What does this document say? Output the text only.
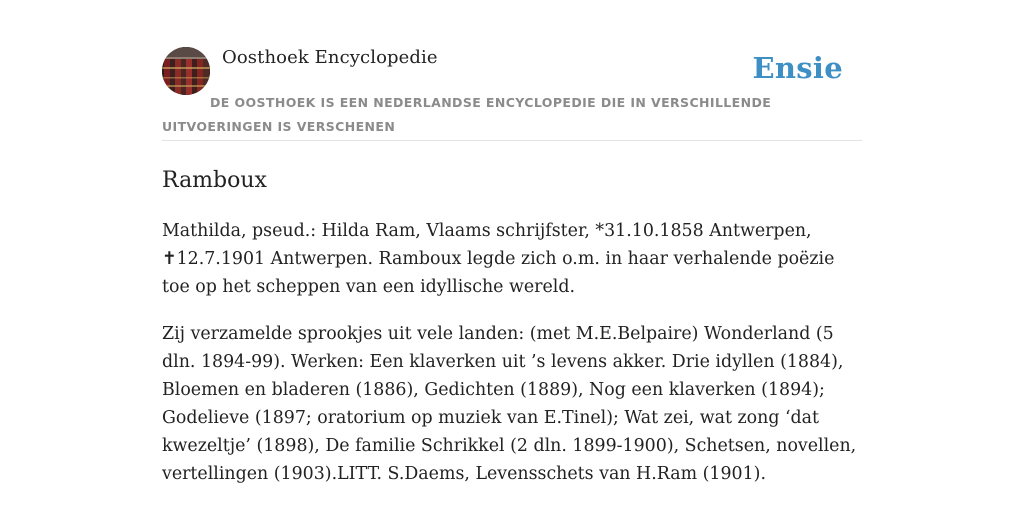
Oosthoek Encyclopedie	Ensie
DE OOSTHOEK IS EEN NEDERLANDSE ENCYCLOPEDIE DIE IN VERSCHILLENDE UITVOERINGEN IS VERSCHENEN
Ramboux

Mathilda, pseud.: Hilda Ram, Vlaams schrijfster, *31.10.1858 Antwerpen, ✝12.7.1901 Antwerpen. Ramboux legde zich o.m. in haar verhalende poëzie toe op het scheppen van een idyllische wereld.

Zij verzamelde sprookjes uit vele landen: (met M.E.Belpaire) Wonderland (5 dln. 1894-99). Werken: Een klaverken uit ’s levens akker. Drie idyllen (1884), Bloemen en bladeren (1886), Gedichten (1889), Nog een klaverken (1894); Godelieve (1897; oratorium op muziek van E.Tinel); Wat zei, wat zong ‘dat kwezeltje’ (1898), De familie Schrikkel (2 dln. 1899-1900), Schetsen, novellen, vertellingen (1903).LITT. S.Daems, Levensschets van H.Ram (1901).
